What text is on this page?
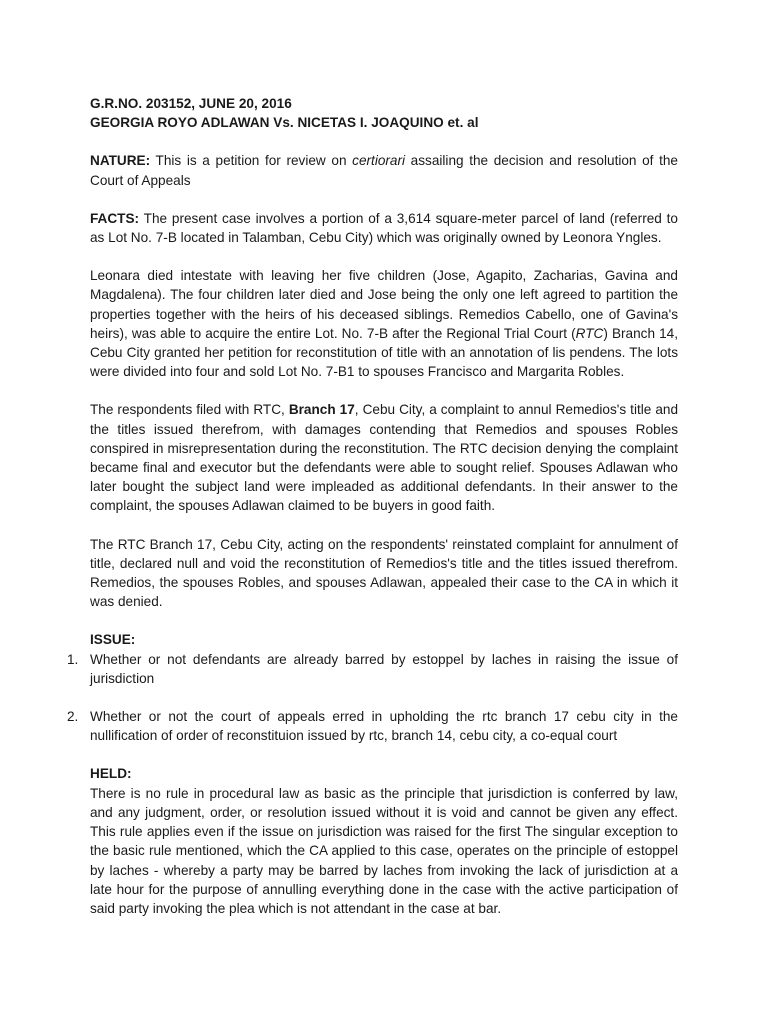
G.R.NO. 203152, JUNE 20, 2016

GEORGIA ROYO ADLAWAN Vs. NICETAS I. JOAQUINO et. al

NATURE: This is a petition for review on certiorari assailing the decision and resolution of the Court of Appeals

FACTS: The present case involves a portion of a 3,614 square-meter parcel of land (referred to as Lot No. 7-B located in Talamban, Cebu City) which was originally owned by Leonora Yngles.

Leonara died intestate with leaving her five children (Jose, Agapito, Zacharias, Gavina and Magdalena). The four children later died and Jose being the only one left agreed to partition the properties together with the heirs of his deceased siblings. Remedios Cabello, one of Gavina's heirs), was able to acquire the entire Lot. No. 7-B after the Regional Trial Court (RTC) Branch 14, Cebu City granted her petition for reconstitution of title with an annotation of lis pendens. The lots were divided into four and sold Lot No. 7-B1 to spouses Francisco and Margarita Robles.

The respondents filed with RTC, Branch 17, Cebu City, a complaint to annul Remedios's title and the titles issued therefrom, with damages contending that Remedios and spouses Robles conspired in misrepresentation during the reconstitution. The RTC decision denying the complaint became final and executor but the defendants were able to sought relief. Spouses Adlawan who later bought the subject land were impleaded as additional defendants. In their answer to the complaint, the spouses Adlawan claimed to be buyers in good faith.

The RTC Branch 17, Cebu City, acting on the respondents' reinstated complaint for annulment of title, declared null and void the reconstitution of Remedios's title and the titles issued therefrom. Remedios, the spouses Robles, and spouses Adlawan, appealed their case to the CA in which it was denied.

ISSUE:

1. Whether or not defendants are already barred by estoppel by laches in raising the issue of jurisdiction
2. Whether or not the court of appeals erred in upholding the rtc branch 17 cebu city in the nullification of order of reconstituion issued by rtc, branch 14, cebu city, a co-equal court

HELD:

There is no rule in procedural law as basic as the principle that jurisdiction is conferred by law, and any judgment, order, or resolution issued without it is void and cannot be given any effect. This rule applies even if the issue on jurisdiction was raised for the first The singular exception to the basic rule mentioned, which the CA applied to this case, operates on the principle of estoppel by laches - whereby a party may be barred by laches from invoking the lack of jurisdiction at a late hour for the purpose of annulling everything done in the case with the active participation of said party invoking the plea which is not attendant in the case at bar.
